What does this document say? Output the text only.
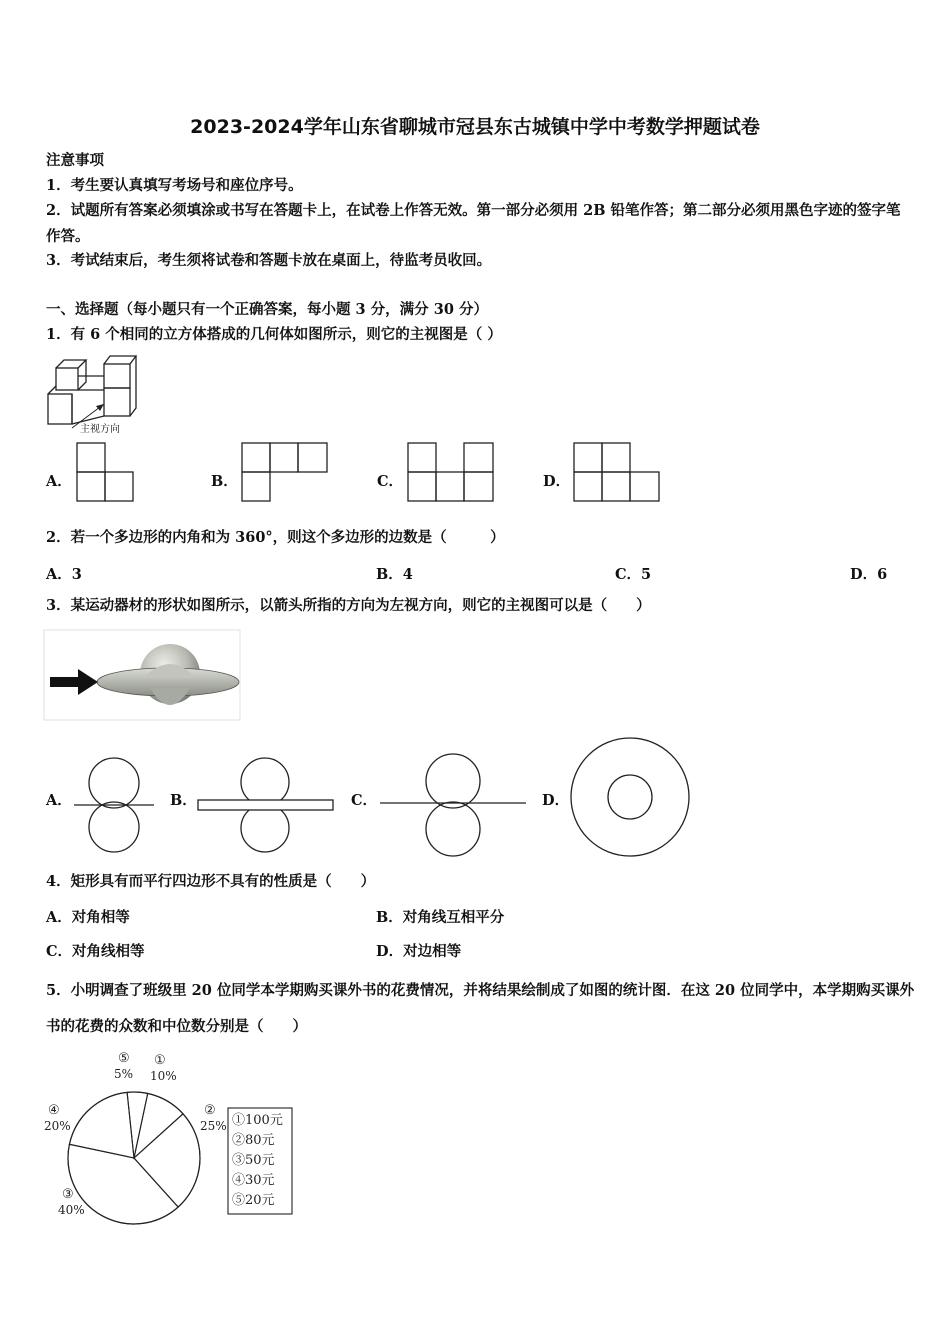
2023-2024学年山东省聊城市冠县东古城镇中学中考数学押题试卷
注意事项
1．考生要认真填写考场号和座位序号。
2．试题所有答案必须填涂或书写在答题卡上，在试卷上作答无效。第一部分必须用 2B 铅笔作答；第二部分必须用黑色字迹的签字笔作答。
3．考试结束后，考生须将试卷和答题卡放在桌面上，待监考员收回。
一、选择题（每小题只有一个正确答案，每小题 3 分，满分 30 分）
1．有 6 个相同的立方体搭成的几何体如图所示，则它的主视图是（ ）
主视方向
A．	B．	C．	D．
2．若一个多边形的内角和为 360°，则这个多边形的边数是（　　　）
A．3	B．4	C．5	D．6
3．某运动器材的形状如图所示，以箭头所指的方向为左视方向，则它的主视图可以是（　　）
A．	B．	C．	D．
4．矩形具有而平行四边形不具有的性质是（　　）
A．对角相等	B．对角线互相平分
C．对角线相等	D．对边相等
5．小明调查了班级里 20 位同学本学期购买课外书的花费情况，并将结果绘制成了如图的统计图．在这 20 位同学中，本学期购买课外书的花费的众数和中位数分别是（　　）
①
10%
②
25%
③
40%
④
20%
⑤
5%
①100元
②80元
③50元
④30元
⑤20元
